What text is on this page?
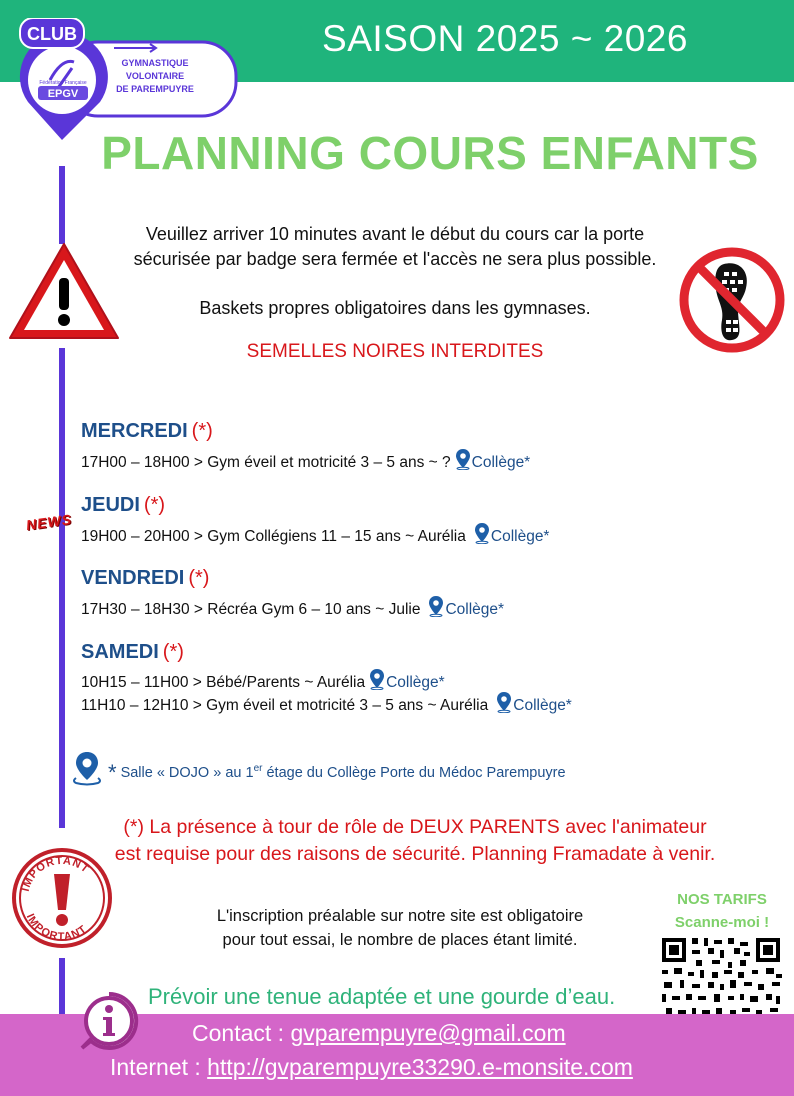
SAISON 2025 ~ 2026
EPGV
Fédération Française
CLUB
GYMNASTIQUE
VOLONTAIRE
DE PAREMPUYRE
PLANNING COURS ENFANTS
Veuillez arriver 10 minutes avant le début du cours car la porte
sécurisée par badge sera fermée et l'accès ne sera plus possible.
Baskets propres obligatoires dans les gymnases.
SEMELLES NOIRES INTERDITES
MERCREDI (*)
17H00 – 18H00 > Gym éveil et motricité 3 – 5 ans ~ ? Collège*
NEWS
JEUDI (*)
19H00 – 20H00 > Gym Collégiens 11 – 15 ans ~ Aurélia Collège*
VENDREDI (*)
17H30 – 18H30 > Récréa Gym 6 – 10 ans ~ Julie Collège*
SAMEDI (*)
10H15 – 11H00 > Bébé/Parents ~ Aurélia Collège*
11H10 – 12H10 > Gym éveil et motricité 3 – 5 ans ~ Aurélia Collège*
* Salle « DOJO » au 1er étage du Collège Porte du Médoc Parempuyre
(*) La présence à tour de rôle de DEUX PARENTS avec l'animateur
est requise pour des raisons de sécurité. Planning Framadate à venir.
IMPORTANT
IMPORTANT
L'inscription préalable sur notre site est obligatoire
pour tout essai, le nombre de places étant limité.
NOS TARIFS
Scanne-moi !
Prévoir une tenue adaptée et une gourde d’eau.
Contact : gvparempuyre@gmail.com
Internet : http://gvparempuyre33290.e-monsite.com
